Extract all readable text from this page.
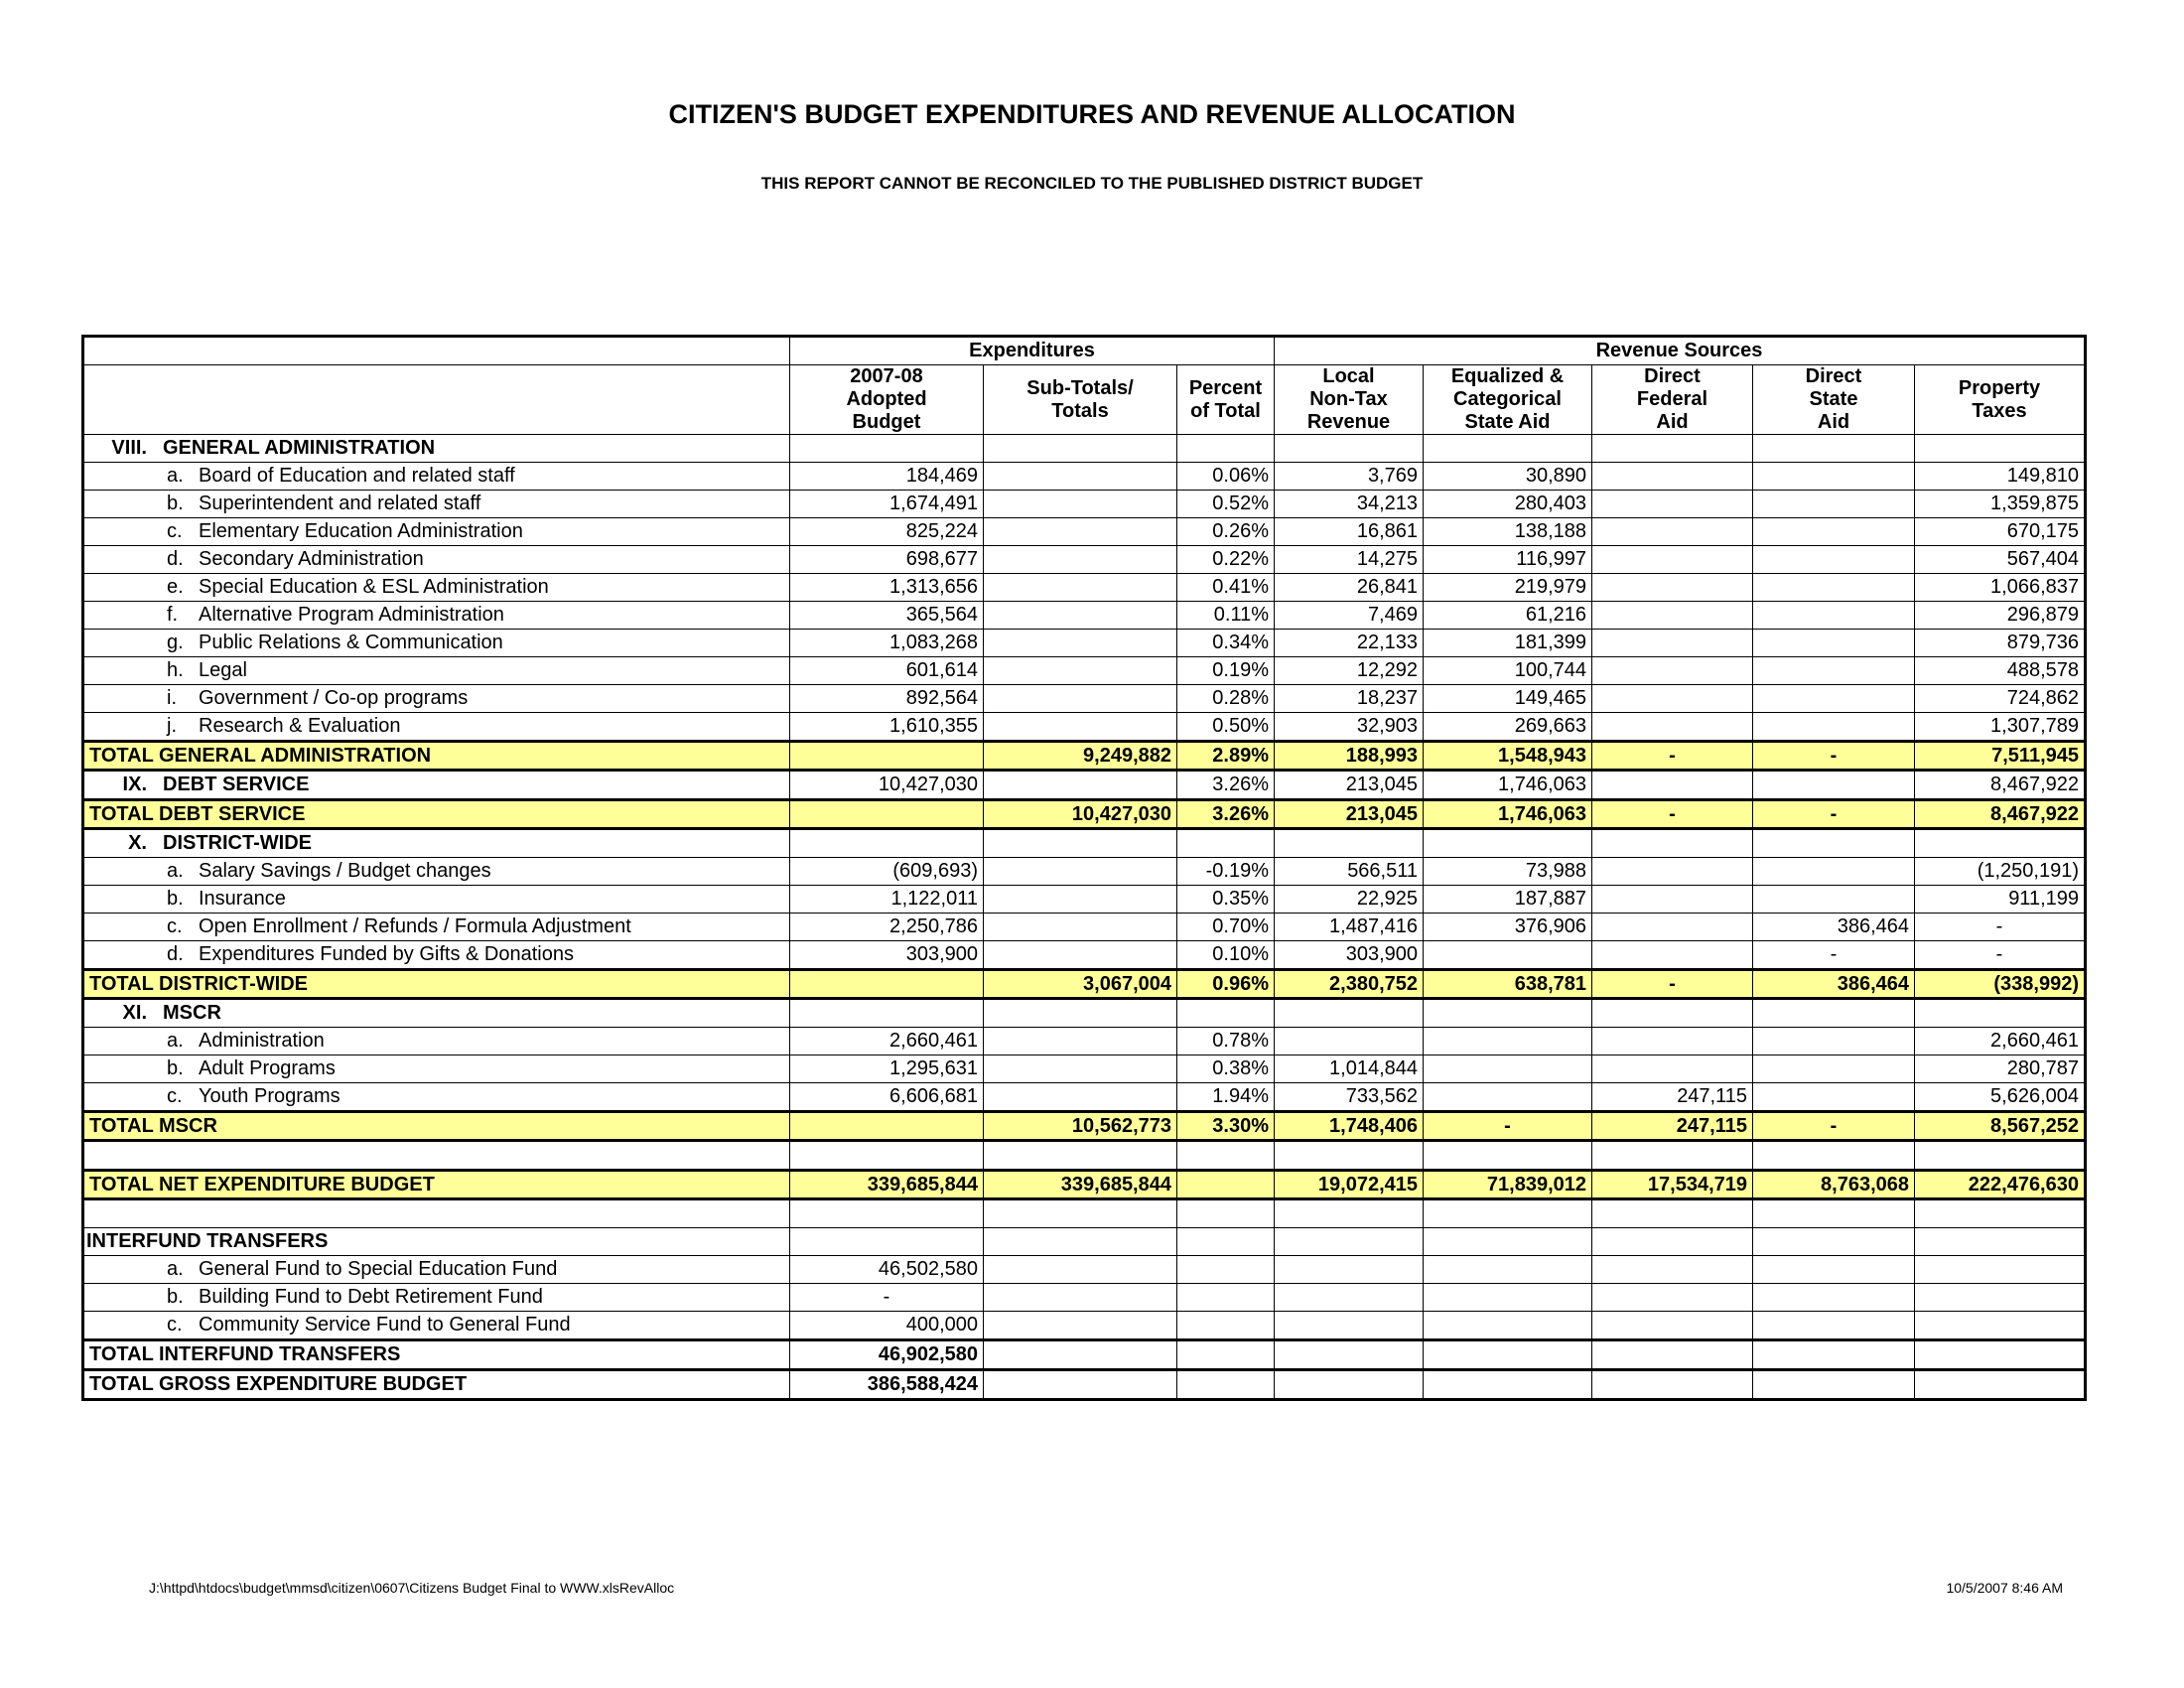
CITIZEN'S BUDGET EXPENDITURES AND REVENUE ALLOCATION
THIS REPORT CANNOT BE RECONCILED TO THE PUBLISHED DISTRICT BUDGET
	Expenditures			Revenue Sources				

	2007-08
Adopted
Budget	Sub-Totals/
Totals	Percent
of Total	Local
Non-Tax
Revenue	Equalized &
Categorical
State Aid	Direct
Federal
Aid	Direct
State
Aid	Property
Taxes

VIII. GENERAL ADMINISTRATION								
a. Board of Education and related staff	184,469		0.06%	3,769	30,890			149,810
b. Superintendent and related staff	1,674,491		0.52%	34,213	280,403			1,359,875
c. Elementary Education Administration	825,224		0.26%	16,861	138,188			670,175
d. Secondary Administration	698,677		0.22%	14,275	116,997			567,404
e. Special Education & ESL Administration	1,313,656		0.41%	26,841	219,979			1,066,837
f. Alternative Program Administration	365,564		0.11%	7,469	61,216			296,879
g. Public Relations & Communication	1,083,268		0.34%	22,133	181,399			879,736
h. Legal	601,614		0.19%	12,292	100,744			488,578
i. Government / Co-op programs	892,564		0.28%	18,237	149,465			724,862
j. Research & Evaluation	1,610,355		0.50%	32,903	269,663			1,307,789
TOTAL GENERAL ADMINISTRATION		9,249,882	2.89%	188,993	1,548,943	-	-	7,511,945
IX. DEBT SERVICE	10,427,030		3.26%	213,045	1,746,063			8,467,922
TOTAL DEBT SERVICE		10,427,030	3.26%	213,045	1,746,063	-	-	8,467,922
X. DISTRICT-WIDE								
a. Salary Savings / Budget changes	(609,693)		-0.19%	566,511	73,988			(1,250,191)
b. Insurance	1,122,011		0.35%	22,925	187,887			911,199
c. Open Enrollment / Refunds / Formula Adjustment	2,250,786		0.70%	1,487,416	376,906		386,464	-
d. Expenditures Funded by Gifts & Donations	303,900		0.10%	303,900			-	-
TOTAL DISTRICT-WIDE		3,067,004	0.96%	2,380,752	638,781	-	386,464	(338,992)
XI. MSCR								
a. Administration	2,660,461		0.78%					2,660,461
b. Adult Programs	1,295,631		0.38%	1,014,844				280,787
c. Youth Programs	6,606,681		1.94%	733,562		247,115		5,626,004
TOTAL MSCR		10,562,773	3.30%	1,748,406	-	247,115	-	8,567,252

TOTAL NET EXPENDITURE BUDGET	339,685,844	339,685,844		19,072,415	71,839,012	17,534,719	8,763,068	222,476,630

INTERFUND TRANSFERS								
a. General Fund to Special Education Fund	46,502,580							
b. Building Fund to Debt Retirement Fund	-							
c. Community Service Fund to General Fund	400,000							
TOTAL INTERFUND TRANSFERS	46,902,580							
TOTAL GROSS EXPENDITURE BUDGET	386,588,424							
J:\httpd\htdocs\budget\mmsd\citizen\0607\Citizens Budget Final to WWW.xlsRevAlloc	10/5/2007 8:46 AM
